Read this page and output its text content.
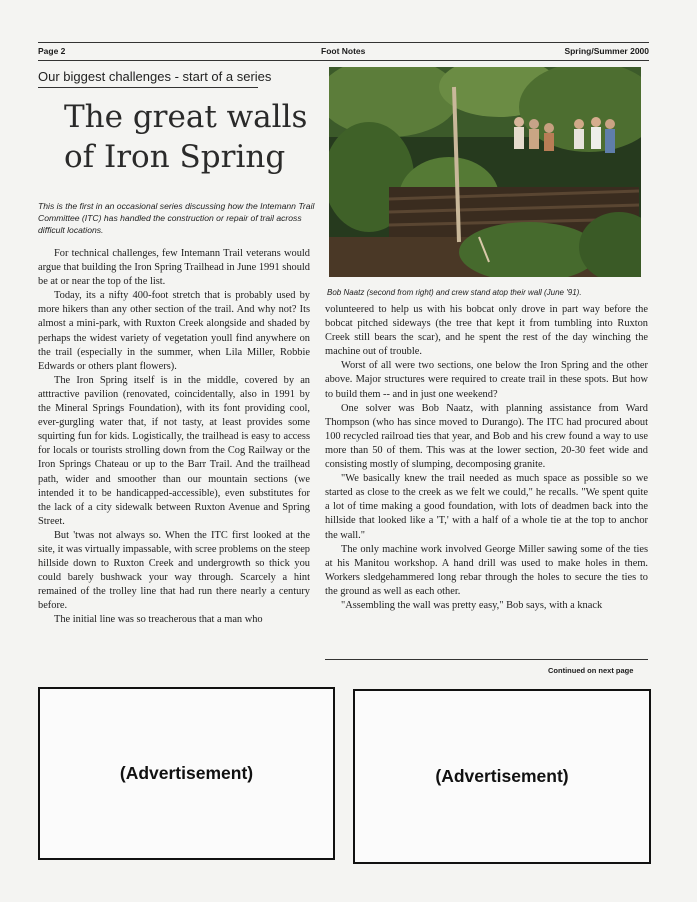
Page 2	Foot Notes	Spring/Summer 2000
Our biggest challenges - start of a series
The great walls
of Iron Spring
This is the first in an occasional series discussing how the Intemann Trail Committee (ITC) has handled the construction or repair of trail across difficult locations.

For technical challenges, few Intemann Trail veterans would argue that building the Iron Spring Trailhead in June 1991 should be at or near the top of the list.

Today, its a nifty 400-foot stretch that is probably used by more hikers than any other section of the trail. And why not? Its almost a mini-park, with Ruxton Creek alongside and shaded by perhaps the widest variety of vegetation youll find anywhere on the trail (especially in the summer, when Lila Miller, Robbie Edwards or others plant flowers).

The Iron Spring itself is in the middle, covered by an atttractive pavilion (renovated, coincidentally, also in 1991 by the Mineral Springs Foundation), with its font providing cool, ever-gurgling water that, if not tasty, at least provides some squirting fun for kids. Logistically, the trailhead is easy to access for locals or tourists strolling down from the Cog Railway or the Iron Springs Chateau or up to the Barr Trail. And the trailhead path, wider and smoother than our mountain sections (we intended it to be handicapped-accessible), even substitutes for the lack of a city sidewalk between Ruxton Avenue and Spring Street.

But 'twas not always so. When the ITC first looked at the site, it was virtually impassable, with scree problems on the steep hillside down to Ruxton Creek and undergrowth so thick you could barely bushwack your way through. Scarcely a hint remained of the trolley line that had run there nearly a century before.

The initial line was so treacherous that a man who

Bob Naatz (second from right) and crew stand atop their wall (June '91).

volunteered to help us with his bobcat only drove in part way before the bobcat pitched sideways (the tree that kept it from tumbling into Ruxton Creek still bears the scar), and he spent the rest of the day winching the machine out of trouble.

Worst of all were two sections, one below the Iron Spring and the other above. Major structures were required to create trail in these spots. But how to build them -- and in just one weekend?

One solver was Bob Naatz, with planning assistance from Ward Thompson (who has since moved to Durango). The ITC had procured about 100 recycled railroad ties that year, and Bob and his crew found a way to use more than 50 of them. This was at the lower section, 20-30 feet wide and consisting mostly of slumping, decomposing granite.

"We basically knew the trail needed as much space as possible so we started as close to the creek as we felt we could," he recalls. "We spent quite a lot of time making a good foundation, with lots of deadmen back into the hillside that looked like a 'T,' with a half of a whole tie at the top to anchor the wall."

The only machine work involved George Miller sawing some of the ties at his Manitou workshop. A hand drill was used to make holes in them. Workers sledgehammered long rebar through the holes to secure the ties to the ground as well as each other.

"Assembling the wall was pretty easy," Bob says, with a knack

Continued on next page
(Advertisement)	(Advertisement)
